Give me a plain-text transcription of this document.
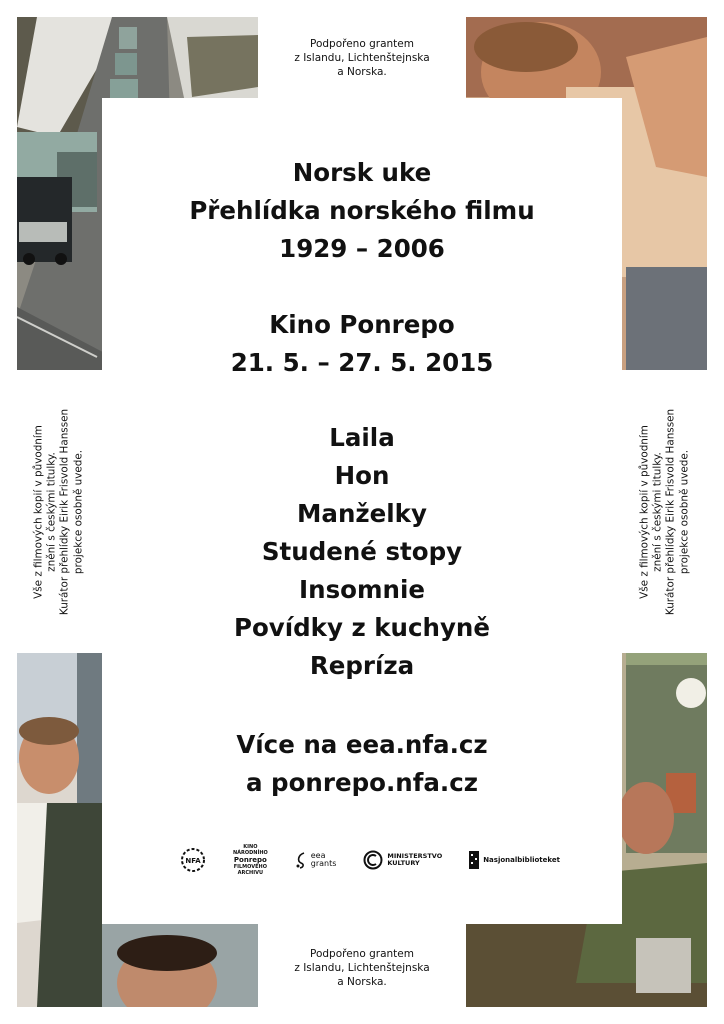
Podpořeno grantem
z Islandu, Lichtenštejnska
a Norska.
Podpořeno grantem
z Islandu, Lichtenštejnska
a Norska.
Vše z filmových kopií v původním znění s českými titulky. Kurátor přehlídky Eirik Frisvold Hanssen projekce osobně uvede.	Vše z filmových kopií v původním znění s českými titulky. Kurátor přehlídky Eirik Frisvold Hanssen projekce osobně uvede.
Norsk uke
Přehlídka norského filmu
1929 – 2006
Kino Ponrepo
21. 5. – 27. 5. 2015
Laila
Hon
Manželky
Studené stopy
Insomnie
Povídky z kuchyně
Repríza
Více na eea.nfa.cz
a ponrepo.nfa.cz
NFA
KINO
NÁRODNÍHO
Ponrepo
FILMOVÉHO
ARCHIVU
eea
grants
MINISTERSTVO
KULTURY	Nasjonalbiblioteket
